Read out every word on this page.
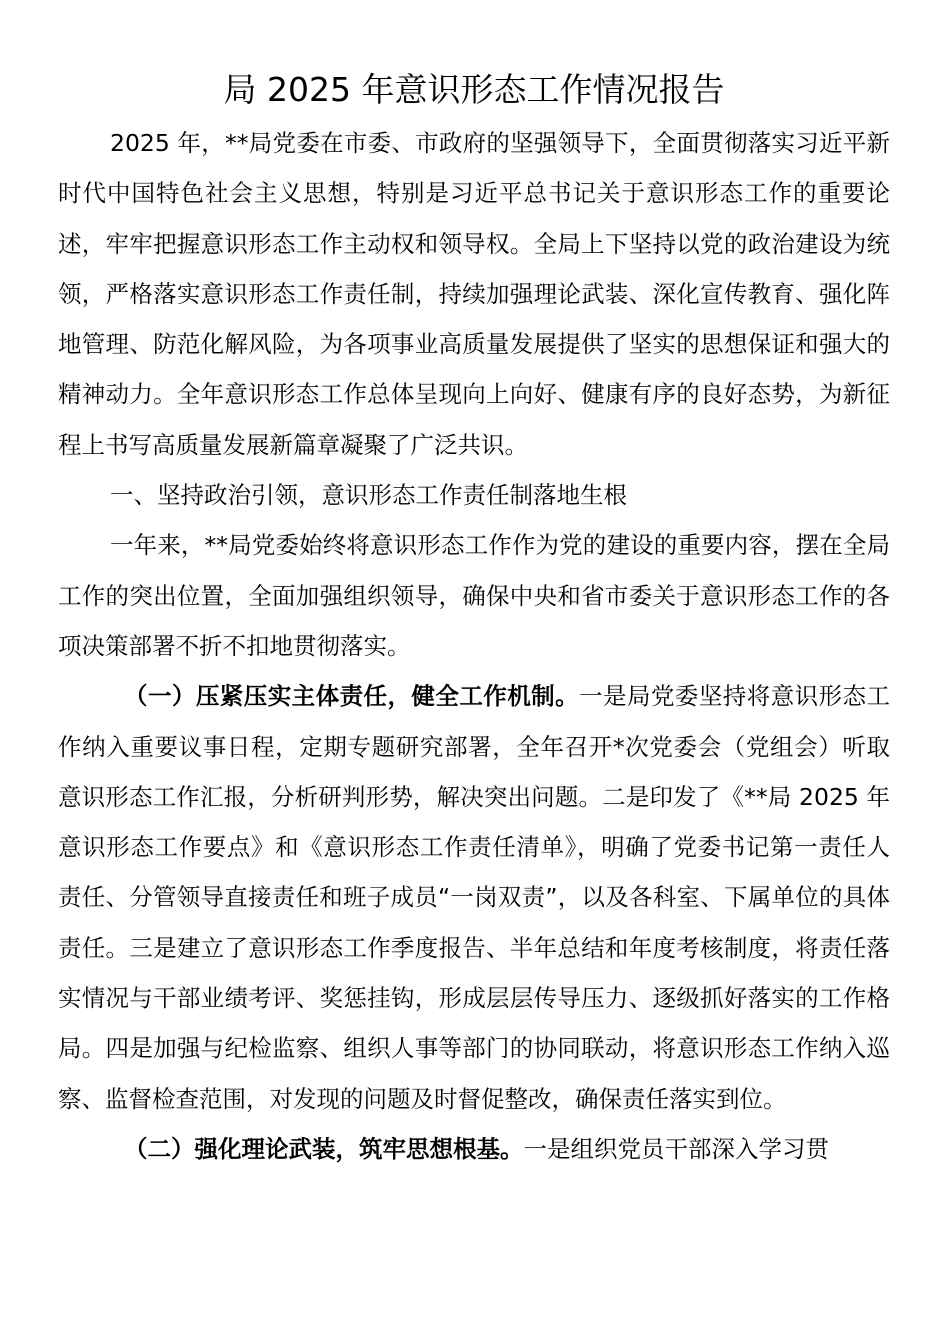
局 2025 年意识形态工作情况报告

2025 年，**局党委在市委、市政府的坚强领导下，全面贯彻落实习近平新时代中国特色社会主义思想，特别是习近平总书记关于意识形态工作的重要论述，牢牢把握意识形态工作主动权和领导权。全局上下坚持以党的政治建设为统领，严格落实意识形态工作责任制，持续加强理论武装、深化宣传教育、强化阵地管理、防范化解风险，为各项事业高质量发展提供了坚实的思想保证和强大的精神动力。全年意识形态工作总体呈现向上向好、健康有序的良好态势，为新征程上书写高质量发展新篇章凝聚了广泛共识。

一、坚持政治引领，意识形态工作责任制落地生根

一年来，**局党委始终将意识形态工作作为党的建设的重要内容，摆在全局工作的突出位置，全面加强组织领导，确保中央和省市委关于意识形态工作的各项决策部署不折不扣地贯彻落实。

（一）压紧压实主体责任，健全工作机制。一是局党委坚持将意识形态工作纳入重要议事日程，定期专题研究部署，全年召开*次党委会（党组会）听取意识形态工作汇报，分析研判形势，解决突出问题。二是印发了《**局 2025 年意识形态工作要点》和《意识形态工作责任清单》，明确了党委书记第一责任人责任、分管领导直接责任和班子成员“一岗双责”，以及各科室、下属单位的具体责任。三是建立了意识形态工作季度报告、半年总结和年度考核制度，将责任落实情况与干部业绩考评、奖惩挂钩，形成层层传导压力、逐级抓好落实的工作格局。四是加强与纪检监察、组织人事等部门的协同联动，将意识形态工作纳入巡察、监督检查范围，对发现的问题及时督促整改，确保责任落实到位。

（二）强化理论武装，筑牢思想根基。一是组织党员干部深入学习贯
